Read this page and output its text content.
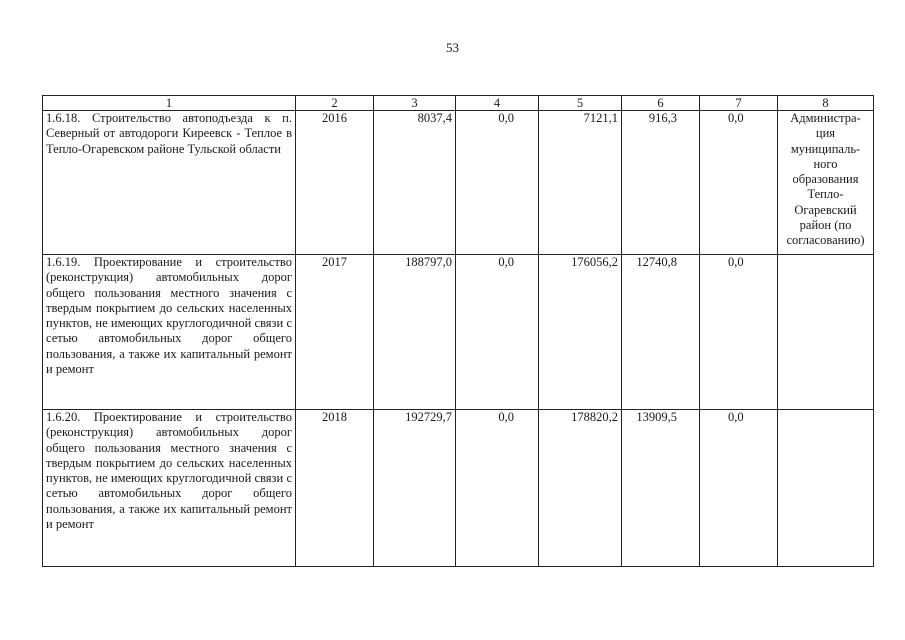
53
1	2	3	4	5	6	7	8
1.6.18. Строительство автоподъезда к п. Северный от автодороги Киреевск - Теплое в Тепло-Огаревском районе Тульской области	2016	8037,4	0,0	7121,1	916,3	0,0	Администра-ция муниципаль-ного образования Тепло-Огаревский район (по согласованию)
1.6.19. Проектирование и строительство (реконструкция) автомобильных дорог общего пользования местного значения с твердым покрытием до сельских населенных пунктов, не имеющих круглогодичной связи с сетью автомобильных дорог общего пользования, а также их капитальный ремонт и ремонт	2017	188797,0	0,0	176056,2	12740,8	0,0	
1.6.20. Проектирование и строительство (реконструкция) автомобильных дорог общего пользования местного значения с твердым покрытием до сельских населенных пунктов, не имеющих круглогодичной связи с сетью автомобильных дорог общего пользования, а также их капитальный ремонт и ремонт	2018	192729,7	0,0	178820,2	13909,5	0,0	
